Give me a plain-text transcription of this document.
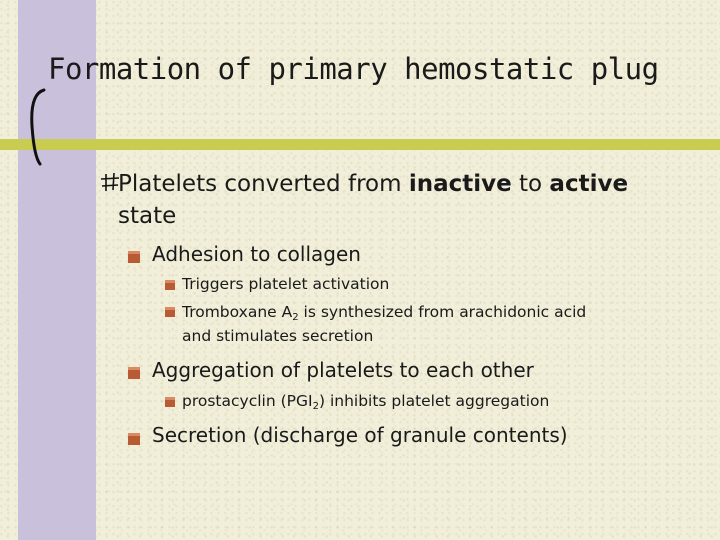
Formation of primary hemostatic plug

Platelets converted from inactive to active

state

Adhesion to collagen

Triggers platelet activation

Tromboxane $A_2$ is synthesized from arachidonic acid

and stimulates secretion

Aggregation of platelets to each other

prostacyclin $(PGI_2)$ inhibits platelet aggregation

Secretion (discharge of granule contents)
